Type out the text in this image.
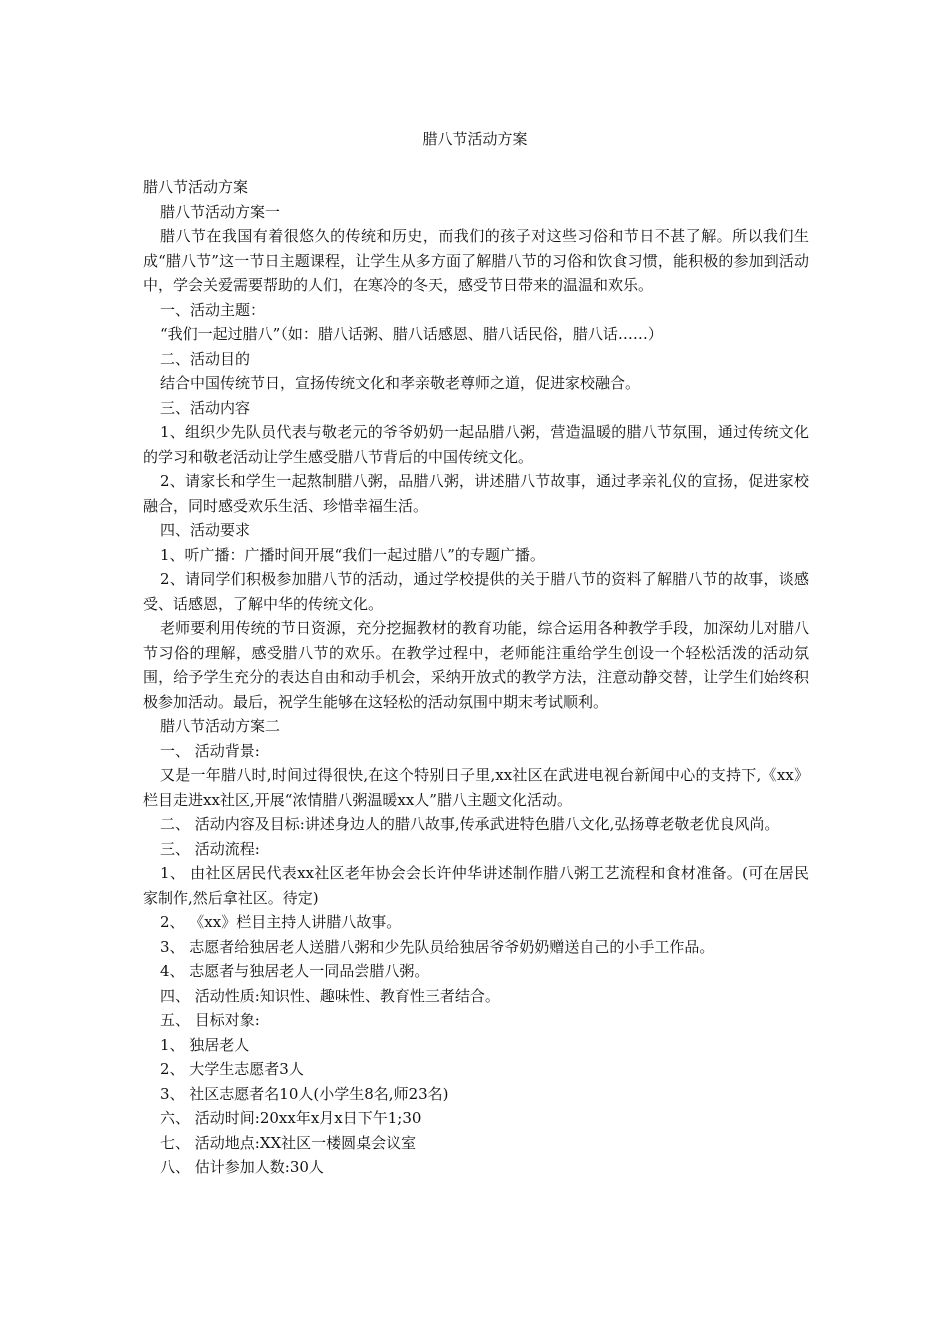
腊八节活动方案

腊八节活动方案

腊八节活动方案一

腊八节在我国有着很悠久的传统和历史，而我们的孩子对这些习俗和节日不甚了解。所以我们生成“腊八节”这一节日主题课程，让学生从多方面了解腊八节的习俗和饮食习惯，能积极的参加到活动中，学会关爱需要帮助的人们，在寒冷的冬天，感受节日带来的温温和欢乐。

一、活动主题：

“我们一起过腊八”（如：腊八话粥、腊八话感恩、腊八话民俗，腊八话……）

二、活动目的

结合中国传统节日，宣扬传统文化和孝亲敬老尊师之道，促进家校融合。

三、活动内容

1、组织少先队员代表与敬老元的爷爷奶奶一起品腊八粥，营造温暖的腊八节氛围，通过传统文化的学习和敬老活动让学生感受腊八节背后的中国传统文化。

2、请家长和学生一起熬制腊八粥，品腊八粥，讲述腊八节故事，通过孝亲礼仪的宣扬，促进家校融合，同时感受欢乐生活、珍惜幸福生活。

四、活动要求

1、听广播：广播时间开展“我们一起过腊八”的专题广播。

2、请同学们积极参加腊八节的活动，通过学校提供的关于腊八节的资料了解腊八节的故事，谈感受、话感恩，了解中华的传统文化。

老师要利用传统的节日资源，充分挖掘教材的教育功能，综合运用各种教学手段，加深幼儿对腊八节习俗的理解，感受腊八节的欢乐。在教学过程中，老师能注重给学生创设一个轻松活泼的活动氛围，给予学生充分的表达自由和动手机会，采纳开放式的教学方法，注意动静交替，让学生们始终积极参加活动。最后，祝学生能够在这轻松的活动氛围中期末考试顺利。

腊八节活动方案二

一、 活动背景:

又是一年腊八时,时间过得很快,在这个特别日子里,xx社区在武进电视台新闻中心的支持下,《xx》栏目走进xx社区,开展“浓情腊八粥温暖xx人”腊八主题文化活动。

二、 活动内容及目标:讲述身边人的腊八故事,传承武进特色腊八文化,弘扬尊老敬老优良风尚。

三、 活动流程:

1、 由社区居民代表xx社区老年协会会长许仲华讲述制作腊八粥工艺流程和食材准备。(可在居民家制作,然后拿社区。待定)

2、 《xx》栏目主持人讲腊八故事。

3、 志愿者给独居老人送腊八粥和少先队员给独居爷爷奶奶赠送自己的小手工作品。

4、 志愿者与独居老人一同品尝腊八粥。

四、 活动性质:知识性、趣味性、教育性三者结合。

五、 目标对象:

1、 独居老人

2、 大学生志愿者3人

3、 社区志愿者名10人(小学生8名,师23名)

六、 活动时间:20xx年x月x日下午1;30

七、 活动地点:XX社区一楼圆桌会议室

八、 估计参加人数:30人
